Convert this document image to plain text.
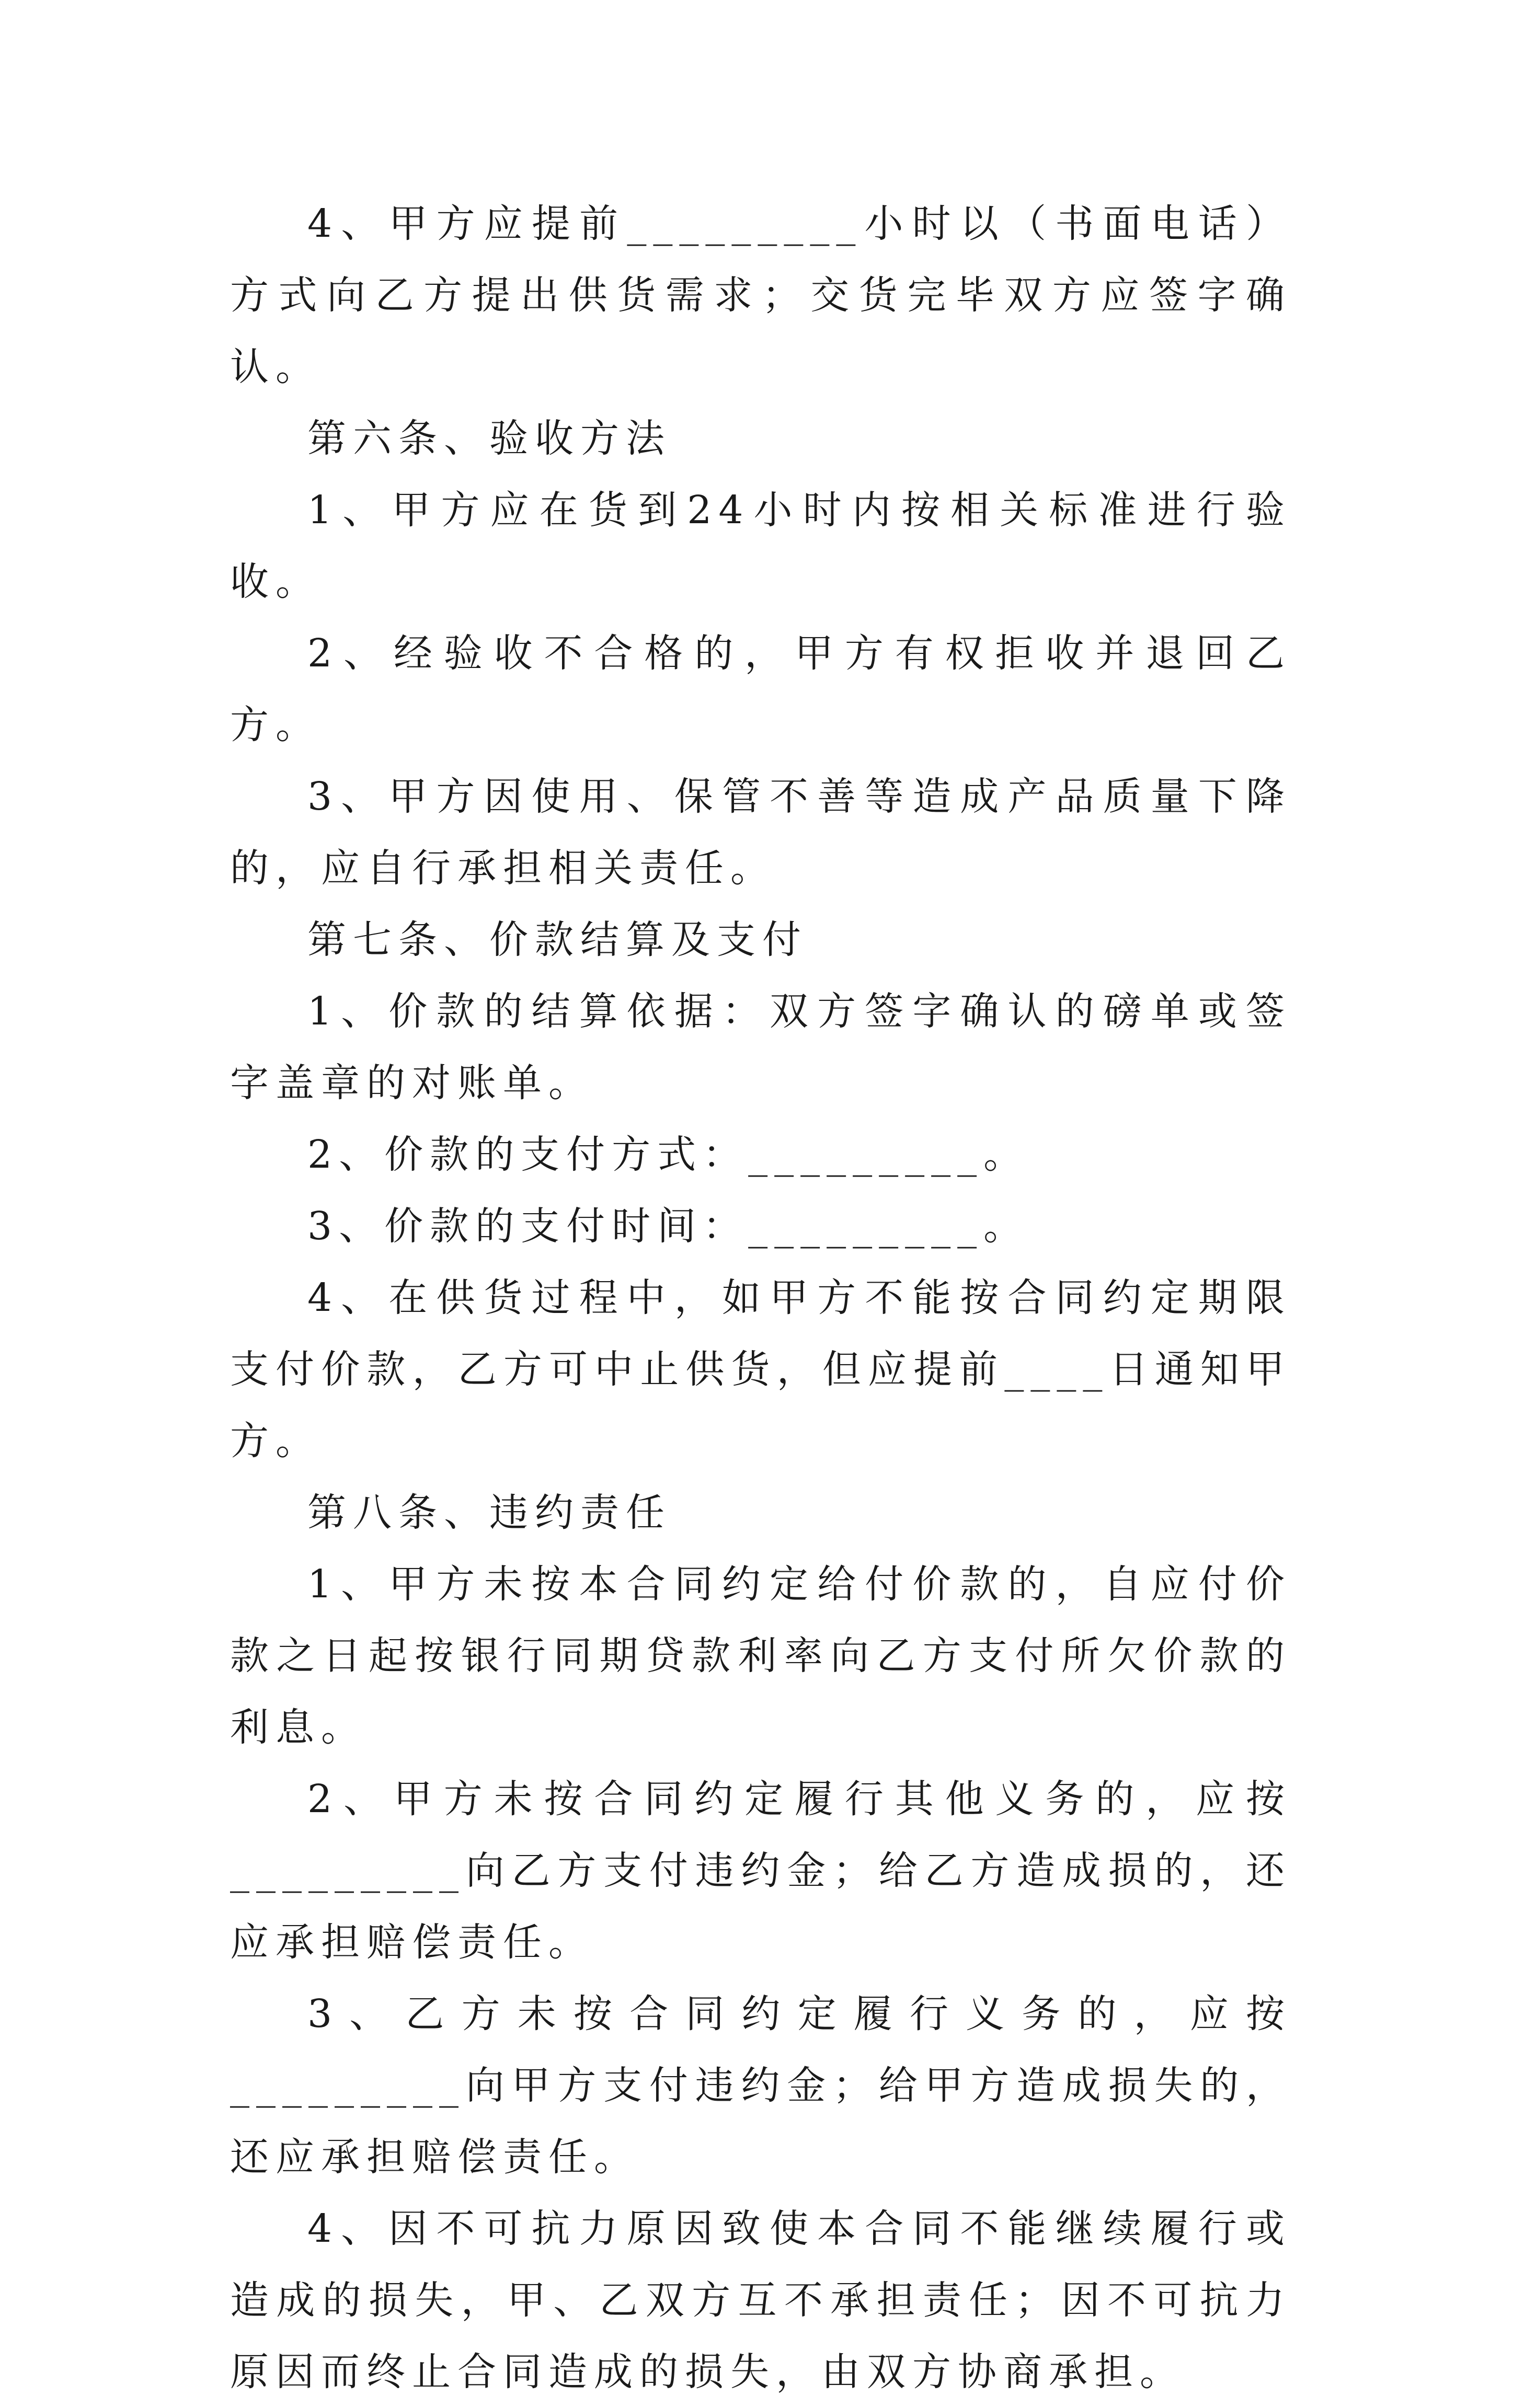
4、甲方应提前_________小时以（书面电话）方式向乙方提出供货需求；交货完毕双方应签字确认。

第六条、验收方法

1、甲方应在货到24小时内按相关标准进行验收。

2、经验收不合格的，甲方有权拒收并退回乙方。

3、甲方因使用、保管不善等造成产品质量下降的，应自行承担相关责任。

第七条、价款结算及支付

1、价款的结算依据：双方签字确认的磅单或签字盖章的对账单。

2、价款的支付方式：_________。

3、价款的支付时间：_________。

4、在供货过程中，如甲方不能按合同约定期限支付价款，乙方可中止供货，但应提前____日通知甲方。

第八条、违约责任

1、甲方未按本合同约定给付价款的，自应付价款之日起按银行同期贷款利率向乙方支付所欠价款的利息。

2、甲方未按合同约定履行其他义务的，应按_________向乙方支付违约金；给乙方造成损的，还应承担赔偿责任。

3、乙方未按合同约定履行义务的，应按_________向甲方支付违约金；给甲方造成损失的，还应承担赔偿责任。

4、因不可抗力原因致使本合同不能继续履行或造成的损失，甲、乙双方互不承担责任；因不可抗力原因而终止合同造成的损失，由双方协商承担。
